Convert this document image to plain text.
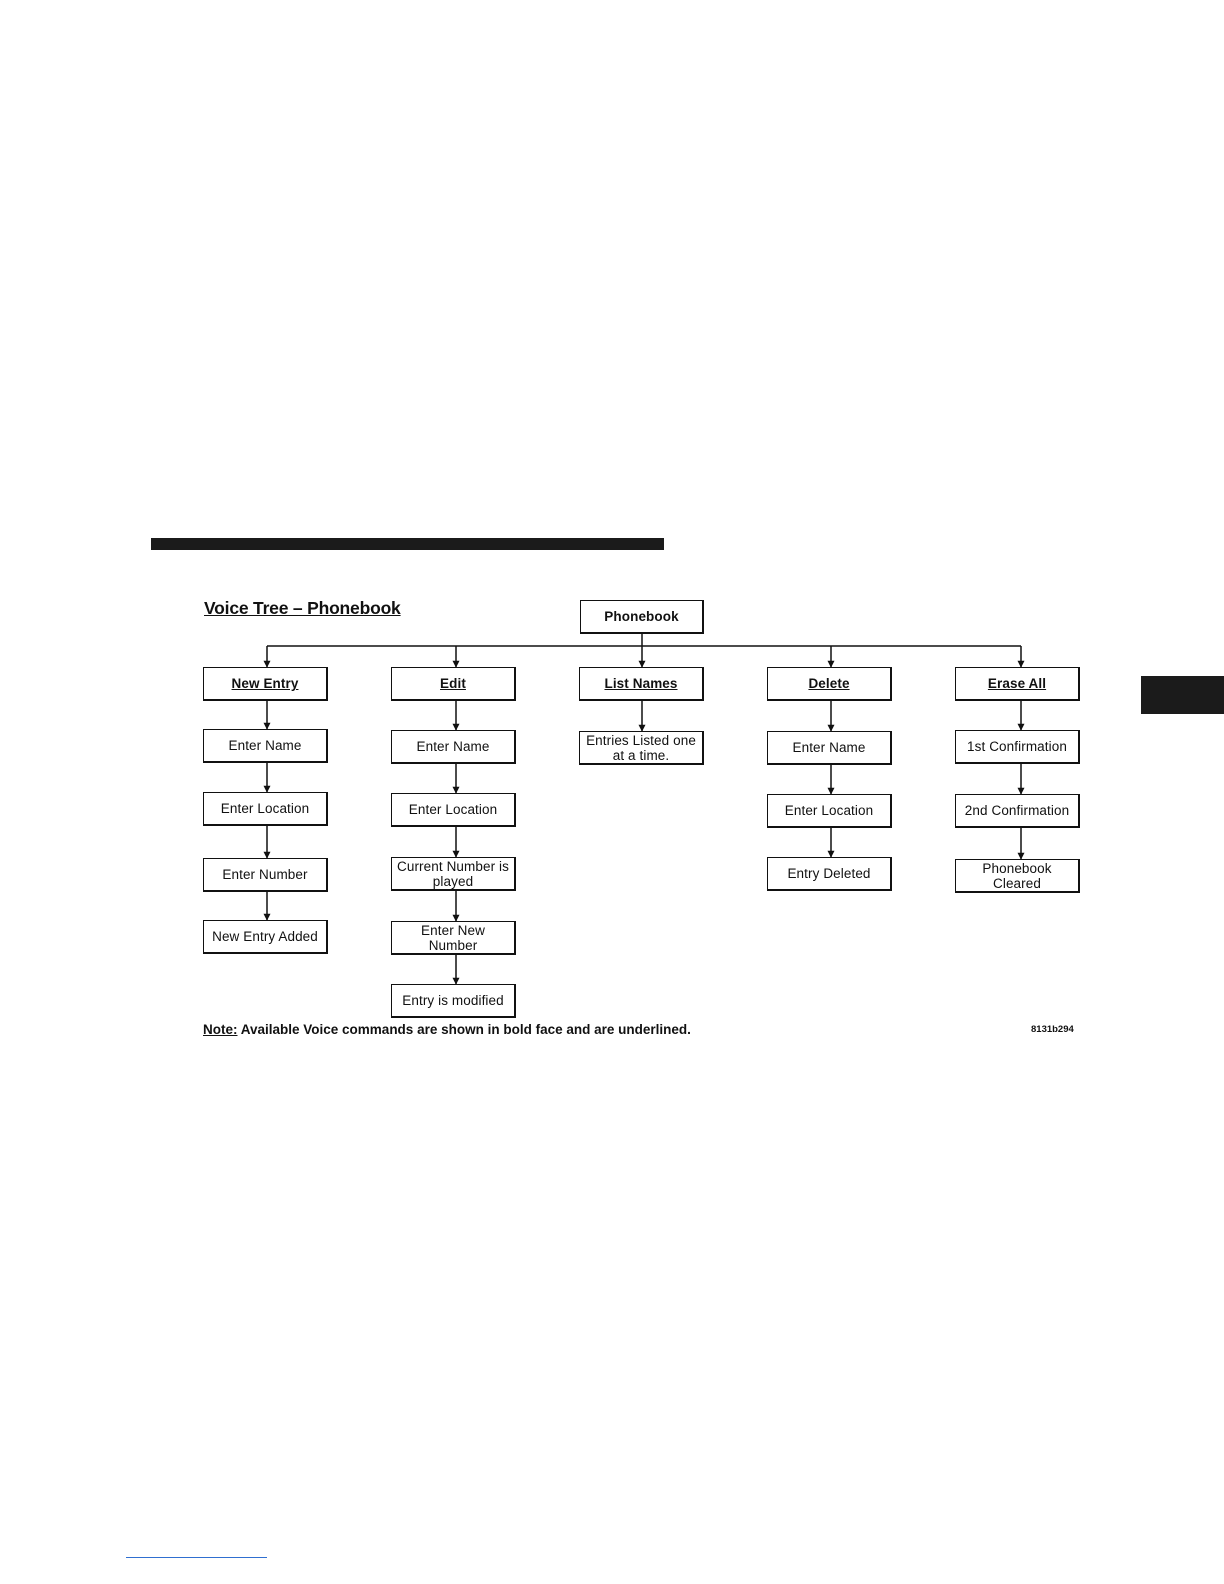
Voice Tree – Phonebook	Phonebook
New Entry
Enter Name
Enter Location
Enter Number
New Entry Added
Edit
Enter Name
Enter Location
Current Number is played
Enter New Number
Entry is modified
List Names
Entries Listed one at a time.
Delete
Enter Name
Enter Location
Entry Deleted
Erase All
1st Confirmation
2nd Confirmation
Phonebook Cleared
Note: Available Voice commands are shown in bold face and are underlined.	8131b294
